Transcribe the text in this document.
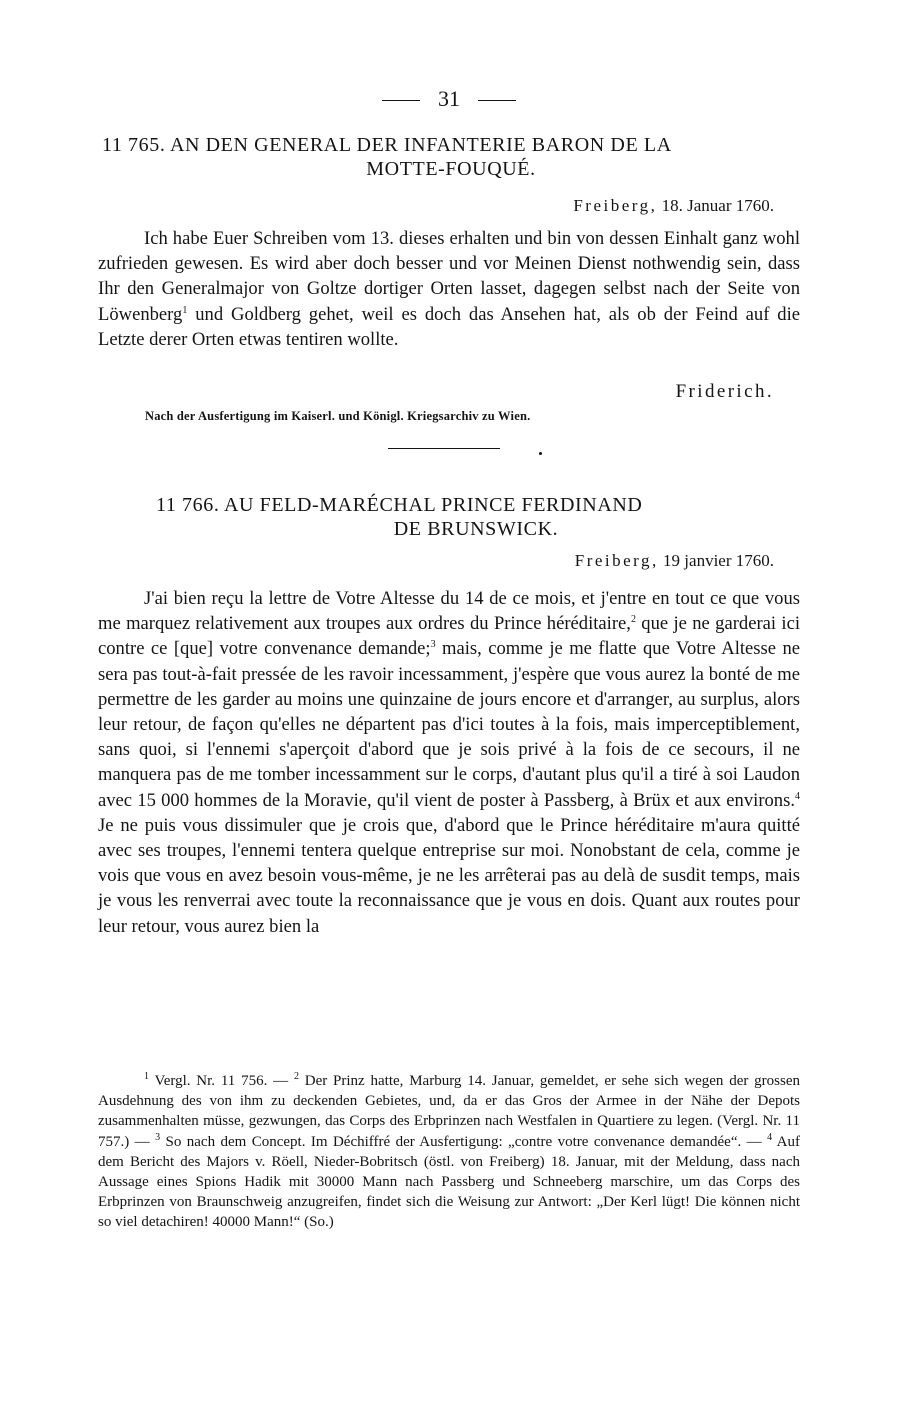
31
11 765. AN DEN GENERAL DER INFANTERIE BARON DE LA
MOTTE-FOUQUÉ.
Freiberg, 18. Januar 1760.

Ich habe Euer Schreiben vom 13. dieses erhalten und bin von dessen Einhalt ganz wohl zufrieden gewesen. Es wird aber doch besser und vor Meinen Dienst nothwendig sein, dass Ihr den Generalmajor von Goltze dortiger Orten lasset, dagegen selbst nach der Seite von Löwenberg$^1$ und Goldberg gehet, weil es doch das Ansehen hat, als ob der Feind auf die Letzte derer Orten etwas tentiren wollte.

Friderich.
Nach der Ausfertigung im Kaiserl. und Königl. Kriegsarchiv zu Wien.
11 766. AU FELD-MARÉCHAL PRINCE FERDINAND
DE BRUNSWICK.
Freiberg, 19 janvier 1760.

J'ai bien reçu la lettre de Votre Altesse du 14 de ce mois, et j'entre en tout ce que vous me marquez relativement aux troupes aux ordres du Prince héréditaire,$^2$ que je ne garderai ici contre ce [que] votre convenance demande;$^3$ mais, comme je me flatte que Votre Altesse ne sera pas tout-à-fait pressée de les ravoir incessamment, j'espère que vous aurez la bonté de me permettre de les garder au moins une quinzaine de jours encore et d'arranger, au surplus, alors leur retour, de façon qu'elles ne départent pas d'ici toutes à la fois, mais imperceptiblement, sans quoi, si l'ennemi s'aperçoit d'abord que je sois privé à la fois de ce secours, il ne manquera pas de me tomber incessamment sur le corps, d'autant plus qu'il a tiré à soi Laudon avec 15 000 hommes de la Moravie, qu'il vient de poster à Passberg, à Brüx et aux environs.$^4$ Je ne puis vous dissimuler que je crois que, d'abord que le Prince héréditaire m'aura quitté avec ses troupes, l'ennemi tentera quelque entreprise sur moi. Nonobstant de cela, comme je vois que vous en avez besoin vous-même, je ne les arrêterai pas au delà de susdit temps, mais je vous les renverrai avec toute la reconnaissance que je vous en dois. Quant aux routes pour leur retour, vous aurez bien la

$^1$ Vergl. Nr. 11 756. — $^2$ Der Prinz hatte, Marburg 14. Januar, gemeldet, er sehe sich wegen der grossen Ausdehnung des von ihm zu deckenden Gebietes, und, da er das Gros der Armee in der Nähe der Depots zusammenhalten müsse, gezwungen, das Corps des Erbprinzen nach Westfalen in Quartiere zu legen. (Vergl. Nr. 11 757.) — $^3$ So nach dem Concept. Im Déchiffré der Ausfertigung: „contre votre convenance demandée“. — $^4$ Auf dem Bericht des Majors v. Röell, Nieder-Bobritsch (östl. von Freiberg) 18. Januar, mit der Meldung, dass nach Aussage eines Spions Hadik mit 30000 Mann nach Passberg und Schneeberg marschire, um das Corps des Erbprinzen von Braunschweig anzugreifen, findet sich die Weisung zur Antwort: „Der Kerl lügt! Die können nicht so viel detachiren! 40000 Mann!“ (So.)
